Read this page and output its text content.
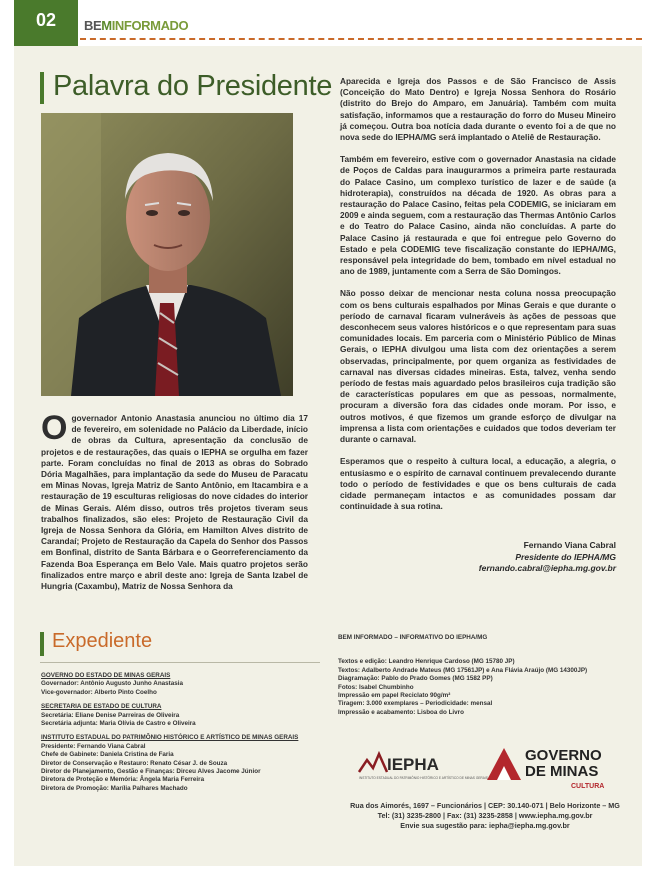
02 BEMINFORMADO
Palavra do Presidente

O governador Antonio Anastasia anunciou no último dia 17 de fevereiro, em solenidade no Palácio da Liberdade, início de obras da Cultura, apresentação da conclusão de projetos e de restaurações, das quais o IEPHA se orgulha em fazer parte. Foram concluídas no final de 2013 as obras do Sobrado Dória Magalhães, para implantação da sede do Museu de Paracatu em Minas Novas, Igreja Matriz de Santo Antônio, em Itacambira e a restauração de 19 esculturas religiosas do nove cidades do interior de Minas Gerais. Além disso, outros três projetos tiveram seus trabalhos finalizados, são eles: Projeto de Restauração Civil da Igreja de Nossa Senhora da Glória, em Hamilton Alves distrito de Carandaí; Projeto de Restauração da Capela do Senhor dos Passos em Bonfinal, distrito de Santa Bárbara e o Georreferenciamento da Fazenda Boa Esperança em Belo Vale. Mais quatro projetos serão finalizados entre março e abril deste ano: Igreja de Santa Izabel de Hungria (Caxambu), Matriz de Nossa Senhora da

Aparecida e Igreja dos Passos e de São Francisco de Assis (Conceição do Mato Dentro) e Igreja Nossa Senhora do Rosário (distrito do Brejo do Amparo, em Januária). Também com muita satisfação, informamos que a restauração do forro do Museu Mineiro já começou. Outra boa notícia dada durante o evento foi a de que no nova sede do IEPHA/MG será implantado o Ateliê de Restauração.

Também em fevereiro, estive com o governador Anastasia na cidade de Poços de Caldas para inaugurarmos a primeira parte restaurada do Palace Casino, um complexo turístico de lazer e de saúde (a hidroterapia), construídos na década de 1920. As obras para a restauração do Palace Casino, feitas pela CODEMIG, se iniciaram em 2009 e ainda seguem, com a restauração das Thermas Antônio Carlos e do Teatro do Palace Casino, ainda não concluídas. A parte do Palace Casino já restaurada e que foi entregue pelo Governo do Estado e pela CODEMIG teve fiscalização constante do IEPHA/MG, responsável pela integridade do bem, tombado em nível estadual no ano de 1989, juntamente com a Serra de São Domingos.

Não posso deixar de mencionar nesta coluna nossa preocupação com os bens culturais espalhados por Minas Gerais e que durante o período de carnaval ficaram vulneráveis às ações de pessoas que desconhecem seus valores históricos e o que representam para suas comunidades locais. Em parceria com o Ministério Público de Minas Gerais, o IEPHA divulgou uma lista com dez orientações a serem observadas, principalmente, por quem organiza as festividades de carnaval nas diversas cidades mineiras. Esta, talvez, venha sendo período de festas mais aguardado pelos brasileiros cuja tradição são de características populares em que as pessoas, normalmente, procuram a diversão fora das cidades onde moram. Por isso, e outros motivos, é que fizemos um grande esforço de divulgar na imprensa a lista com orientações e cuidados que todos deveriam ter durante o carnaval.

Esperamos que o respeito à cultura local, a educação, a alegria, o entusiasmo e o espírito de carnaval continuem prevalecendo durante todo o período de festividades e que os bens culturais de cada cidade permaneçam intactos e as comunidades possam dar continuidade à sua rotina.

Fernando Viana Cabral
Presidente do IEPHA/MG
fernando.cabral@iepha.mg.gov.br
Expediente
GOVERNO DO ESTADO DE MINAS GERAIS
Governador: Antônio Augusto Junho Anastasia
Vice-governador: Alberto Pinto Coelho
SECRETARIA DE ESTADO DE CULTURA
Secretária: Eliane Denise Parreiras de Oliveira
Secretária adjunta: Maria Olívia de Castro e Oliveira
INSTITUTO ESTADUAL DO PATRIMÔNIO HISTÓRICO E ARTÍSTICO DE MINAS GERAIS
Presidente: Fernando Viana Cabral
Chefe de Gabinete: Daniela Cristina de Faria
Diretor de Conservação e Restauro: Renato César J. de Souza
Diretor de Planejamento, Gestão e Finanças: Dirceu Alves Jacome Júnior
Diretora de Proteção e Memória: Ângela Maria Ferreira
Diretora de Promoção: Marília Palhares Machado
BEM INFORMADO – INFORMATIVO DO IEPHA/MG
Textos e edição: Leandro Henrique Cardoso (MG 15780 JP)
Textos: Adalberto Andrade Mateus (MG 17561JP) e Ana Flávia Araújo (MG 14300JP)
Diagramação: Pablo do Prado Gomes (MG 1582 PP)
Fotos: Isabel Chumbinho
Impressão em papel Reciclato 90g/m²
Tiragem: 3.000 exemplares – Periodicidade: mensal
Impressão e acabamento: Lisboa do Livro
IEPHA
INSTITUTO ESTADUAL DO PATRIMÔNIO HISTÓRICO E ARTÍSTICO DE MINAS GERAIS
GOVERNO
DE MINAS
CULTURA
Rua dos Aimorés, 1697 – Funcionários | CEP: 30.140-071 | Belo Horizonte – MG
Tel: (31) 3235-2800 | Fax: (31) 3235-2858 | www.iepha.mg.gov.br
Envie sua sugestão para: iepha@iepha.mg.gov.br
